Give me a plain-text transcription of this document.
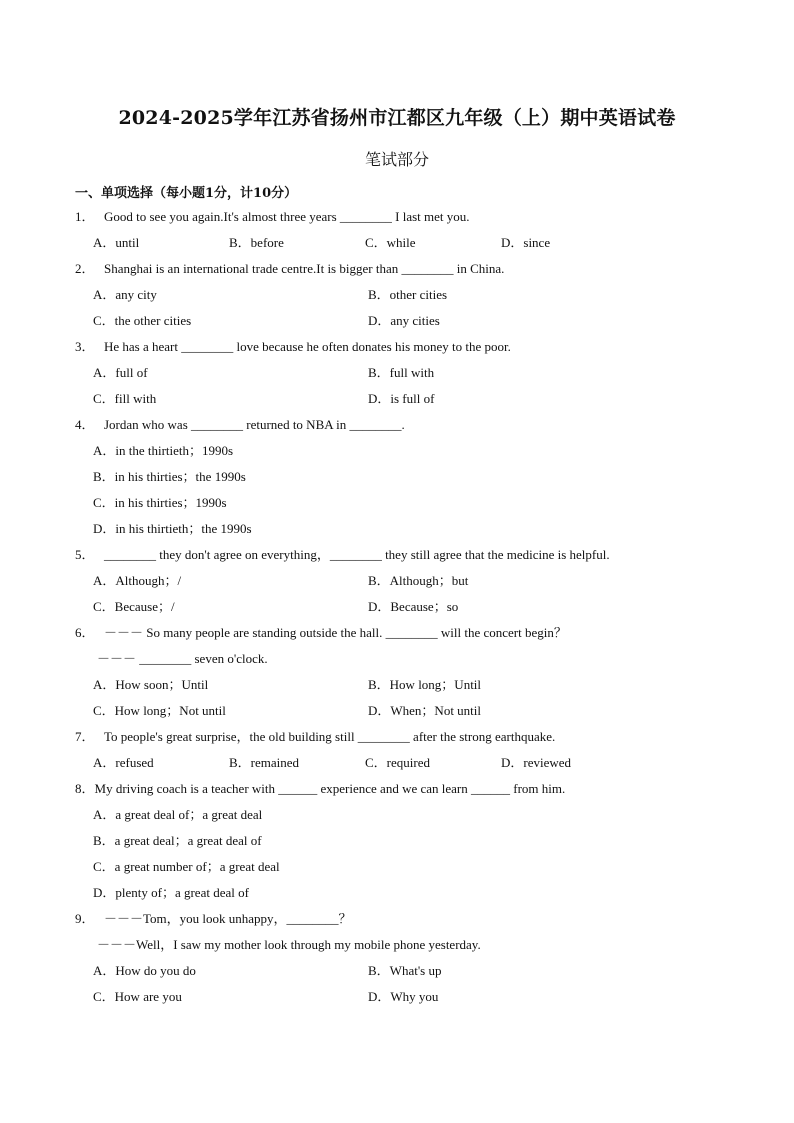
2024-2025学年江苏省扬州市江都区九年级（上）期中英语试卷
笔试部分
一、单项选择（每小题1分，计10分）
1． Good to see you again.It's almost three years ________ I last met you.
A．until	B．before	C．while	D．since
2． Shanghai is an international trade centre.It is bigger than ________ in China.
A．any city	B．other cities
C．the other cities	D．any cities
3． He has a heart ________ love because he often donates his money to the poor.
A．full of	B．full with
C．fill with	D．is full of
4． Jordan who was ________ returned to NBA in ________.
A．in the thirtieth；1990s
B．in his thirties；the 1990s
C．in his thirties；1990s
D．in his thirtieth；the 1990s
5． ________ they don't agree on everything，________ they still agree that the medicine is helpful.
A．Although；/	B．Although；but
C．Because；/	D．Because；so
6． －－－ So many people are standing outside the hall. ________ will the concert begin？
－－－ ________ seven o'clock.
A．How soon；Until	B．How long；Until
C．How long；Not until	D．When；Not until
7． To people's great surprise，the old building still ________ after the strong earthquake.
A．refused	B．remained	C．required	D．reviewed
8．My driving coach is a teacher with ______ experience and we can learn ______ from him.
A．a great deal of；a great deal
B．a great deal；a great deal of
C．a great number of；a great deal
D．plenty of；a great deal of
9． －－－Tom，you look unhappy，________？
－－－Well，I saw my mother look through my mobile phone yesterday.
A．How do you do	B．What's up
C．How are you	D．Why you
